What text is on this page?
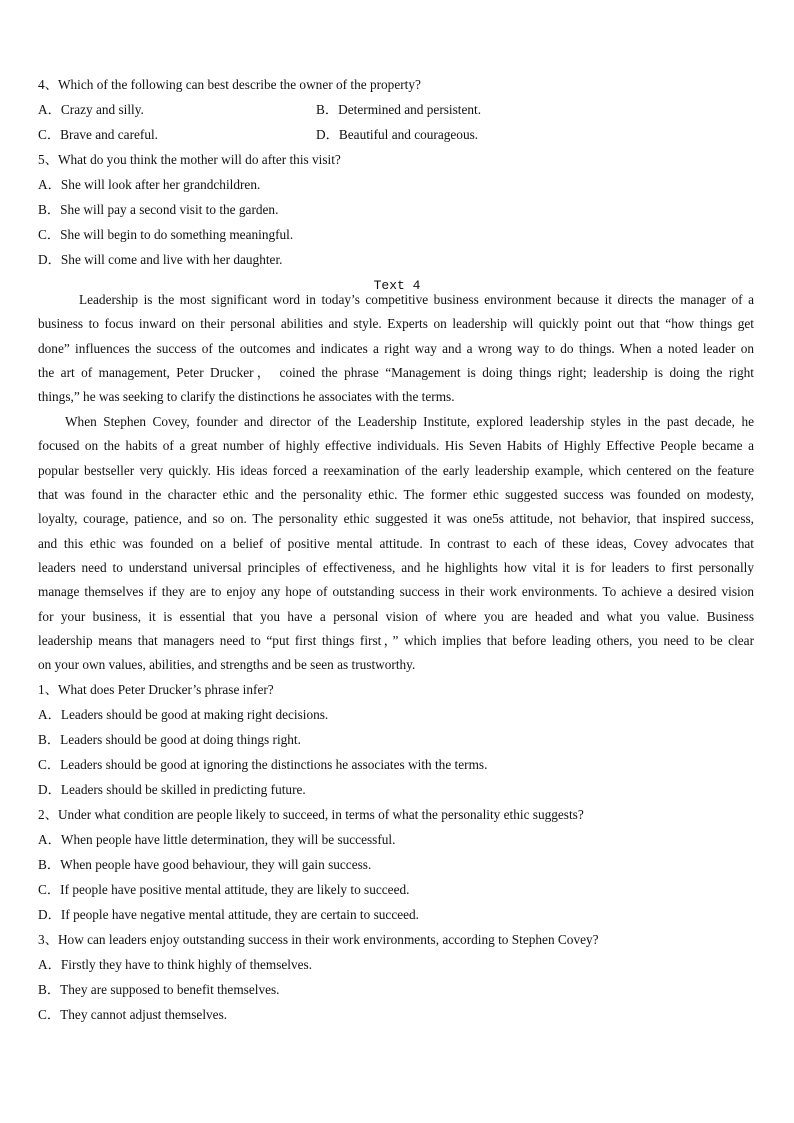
4、Which of the following can best describe the owner of the property?
A．Crazy and silly.	B．Determined and persistent.
C．Brave and careful.	D．Beautiful and courageous.
5、What do you think the mother will do after this visit?
A．She will look after her grandchildren.
B．She will pay a second visit to the garden.
C．She will begin to do something meaningful.
D．She will come and live with her daughter.
Text 4
Leadership is the most significant word in today’s competitive business environment because it directs the manager of a
business to focus inward on their personal abilities and style. Experts on leadership will quickly point out that “how things get
done” influences the success of the outcomes and indicates a right way and a wrong way to do things. When a noted leader on
the art of management, Peter Drucker， coined the phrase “Management is doing things right; leadership is doing the right
things,” he was seeking to clarify the distinctions he associates with the terms.
When Stephen Covey, founder and director of the Leadership Institute, explored leadership styles in the past decade, he
focused on the habits of a great number of highly effective individuals. His Seven Habits of Highly Effective People became a
popular bestseller very quickly. His ideas forced a reexamination of the early leadership example, which centered on the feature
that was found in the character ethic and the personality ethic. The former ethic suggested success was founded on modesty,
loyalty, courage, patience, and so on. The personality ethic suggested it was one5s attitude, not behavior, that inspired success,
and this ethic was founded on a belief of positive mental attitude. In contrast to each of these ideas, Covey advocates that
leaders need to understand universal principles of effectiveness, and he highlights how vital it is for leaders to first personally
manage themselves if they are to enjoy any hope of outstanding success in their work environments. To achieve a desired vision
for your business, it is essential that you have a personal vision of where you are headed and what you value. Business
leadership means that managers need to “put first things first，” which implies that before leading others, you need to be clear
on your own values, abilities, and strengths and be seen as trustworthy.
1、What does Peter Drucker’s phrase infer?
A．Leaders should be good at making right decisions.
B．Leaders should be good at doing things right.
C．Leaders should be good at ignoring the distinctions he associates with the terms.
D．Leaders should be skilled in predicting future.
2、Under what condition are people likely to succeed, in terms of what the personality ethic suggests?
A．When people have little determination, they will be successful.
B．When people have good behaviour, they will gain success.
C．If people have positive mental attitude, they are likely to succeed.
D．If people have negative mental attitude, they are certain to succeed.
3、How can leaders enjoy outstanding success in their work environments, according to Stephen Covey?
A．Firstly they have to think highly of themselves.
B．They are supposed to benefit themselves.
C．They cannot adjust themselves.
